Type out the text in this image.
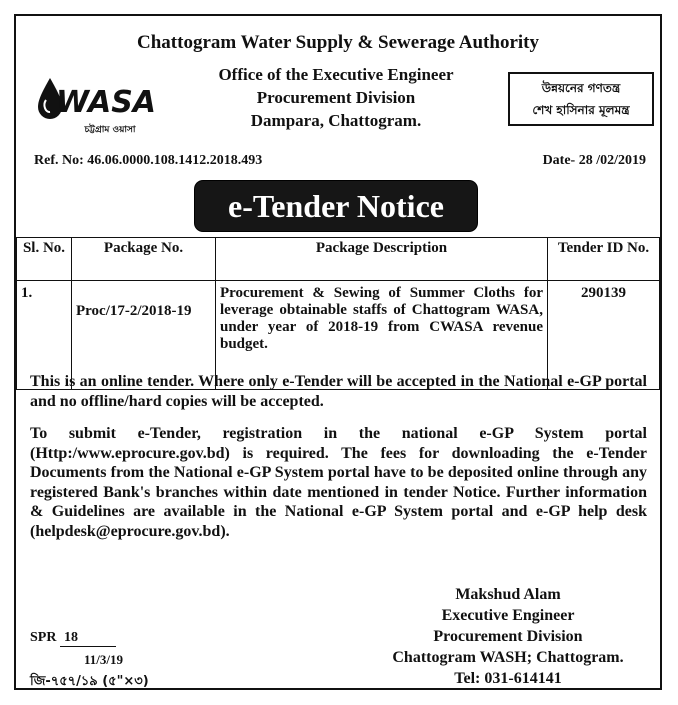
Chattogram Water Supply & Sewerage Authority
WASA
চট্টগ্রাম ওয়াসা
Office of the Executive Engineer
Procurement Division
Dampara, Chattogram.
উন্নয়নের গণতন্ত্র
শেখ হাসিনার মূলমন্ত্র
Ref. No: 46.06.0000.108.1412.2018.493	Date- 28 /02/2019
e-Tender Notice
Sl. No.	Package No.	Package Description	Tender ID No.
1.	Proc/17-2/2018-19	Procurement & Sewing of Summer Cloths for leverage obtainable staffs of Chattogram WASA, under year of 2018-19 from CWASA revenue budget.	290139
This is an online tender. Where only e-Tender will be accepted in the National e-GP portal and no offline/hard copies will be accepted.
To submit e-Tender, registration in the national e-GP System portal (Http:/www.eprocure.gov.bd) is required. The fees for downloading the e-Tender Documents from the National e-GP System portal have to be deposited online through any registered Bank's branches within date mentioned in tender Notice. Further information & Guidelines are available in the National e-GP System portal and e-GP help desk (helpdesk@eprocure.gov.bd).
Makshud Alam
Executive Engineer
Procurement Division
Chattogram WASH; Chattogram.
Tel: 031-614141
SPR 18
11/3/19
জি-৭৫৭/১৯ (৫"×৩)
